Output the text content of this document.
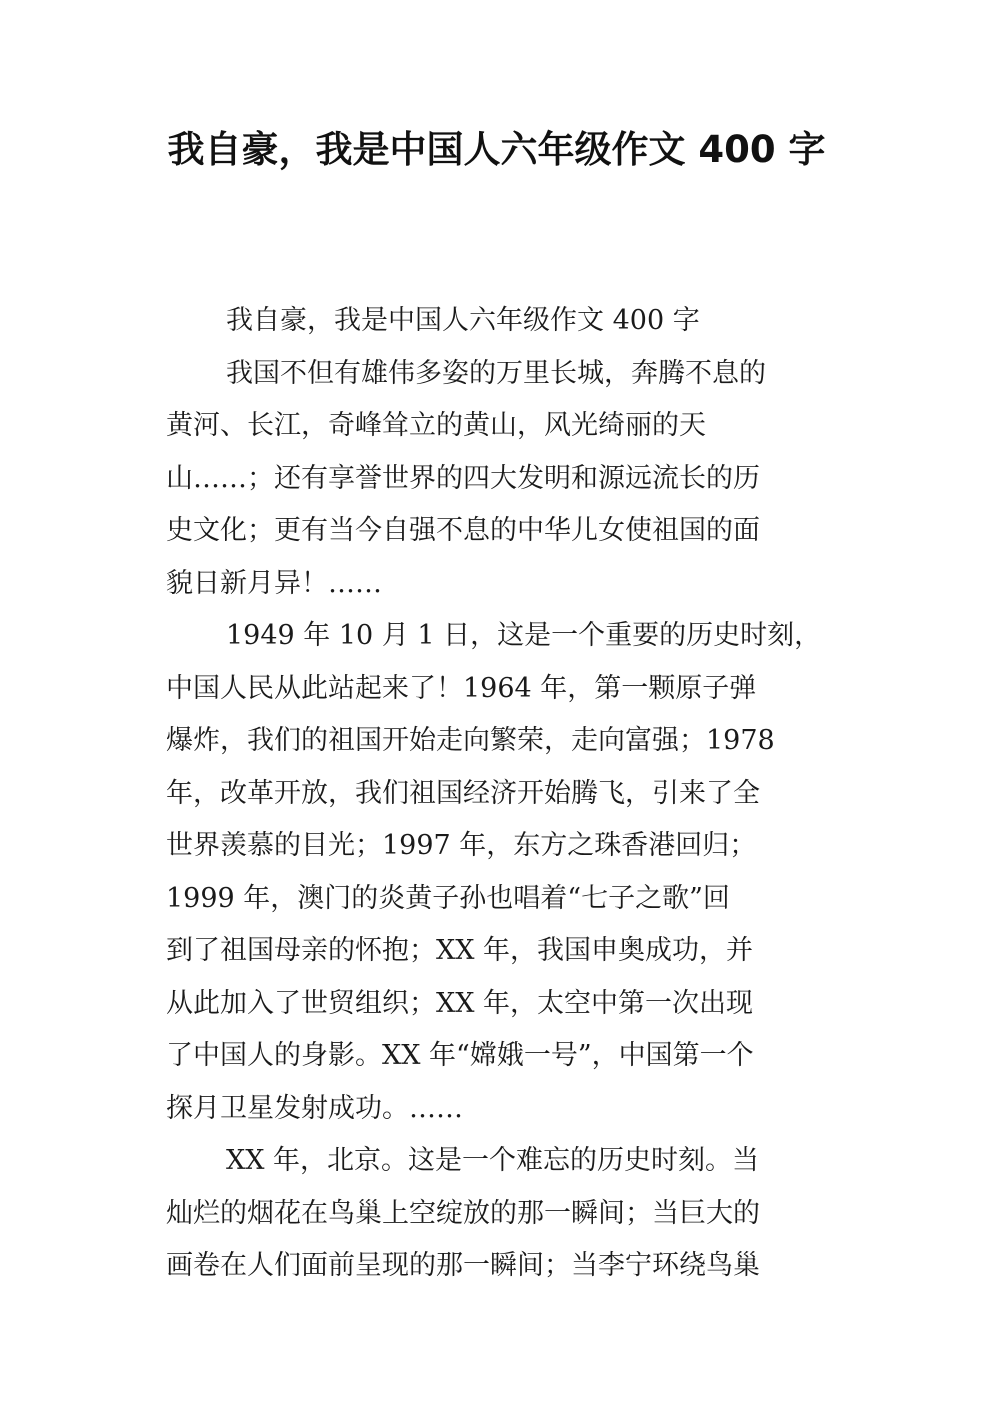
我自豪，我是中国人六年级作文 400 字

我自豪，我是中国人六年级作文 400 字

我国不但有雄伟多姿的万里长城，奔腾不息的
黄河、长江，奇峰耸立的黄山，风光绮丽的天
山……；还有享誉世界的四大发明和源远流长的历
史文化；更有当今自强不息的中华儿女使祖国的面
貌日新月异！……

1949 年 10 月 1 日，这是一个重要的历史时刻，
中国人民从此站起来了！1964 年，第一颗原子弹
爆炸，我们的祖国开始走向繁荣，走向富强；1978
年，改革开放，我们祖国经济开始腾飞，引来了全
世界羡慕的目光；1997 年，东方之珠香港回归；
1999 年，澳门的炎黄子孙也唱着“七子之歌”回
到了祖国母亲的怀抱；XX 年，我国申奥成功，并
从此加入了世贸组织；XX 年，太空中第一次出现
了中国人的身影。XX 年“嫦娥一号”，中国第一个
探月卫星发射成功。……

XX 年，北京。这是一个难忘的历史时刻。当
灿烂的烟花在鸟巢上空绽放的那一瞬间；当巨大的
画卷在人们面前呈现的那一瞬间；当李宁环绕鸟巢
